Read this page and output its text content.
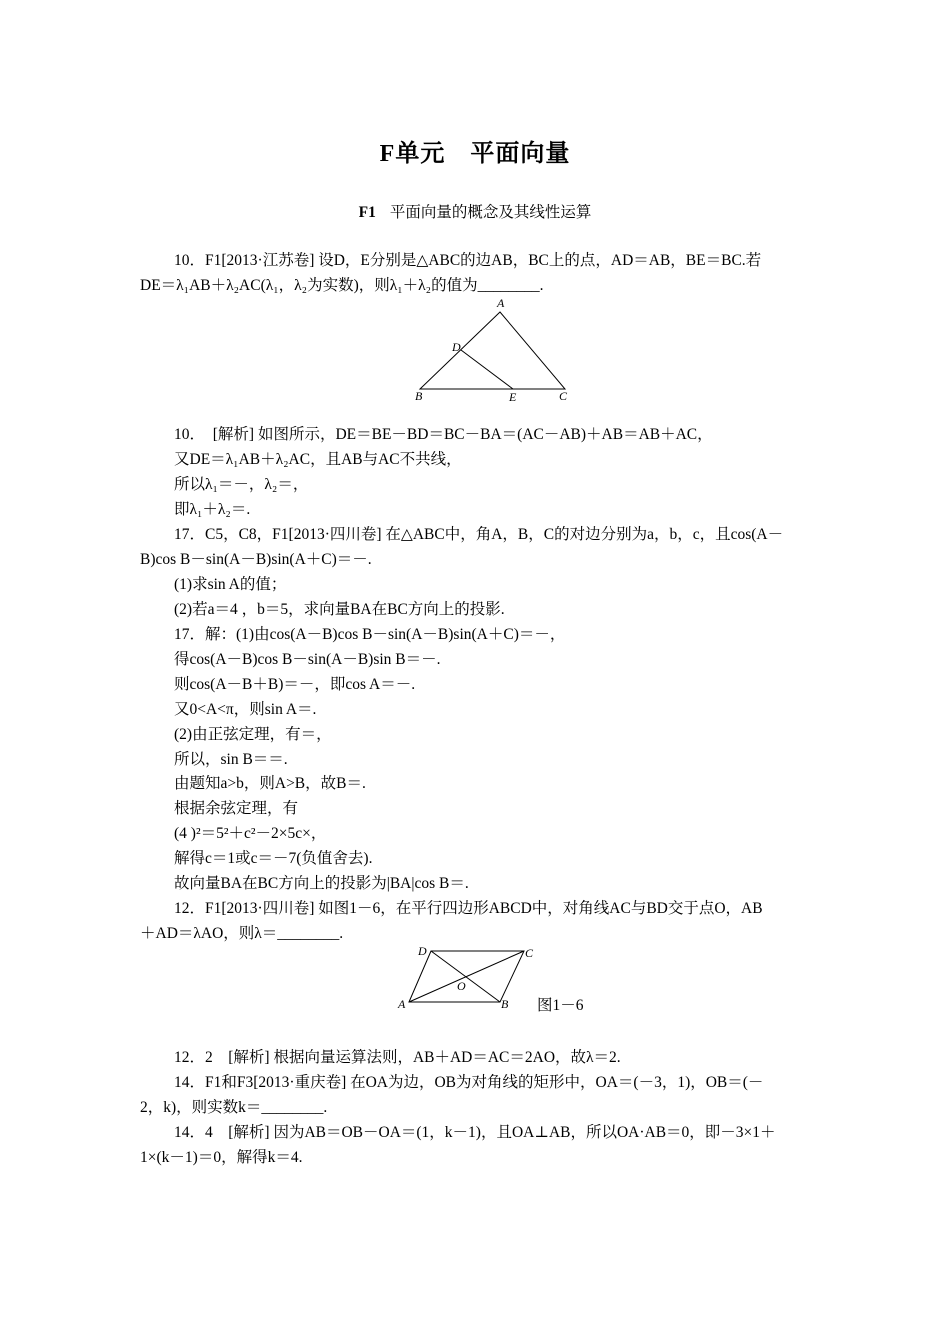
F单元　平面向量
F1 平面向量的概念及其线性运算
10．F1[2013·江苏卷] 设D，E分别是△ABC的边AB，BC上的点，AD＝AB，BE＝BC.若
DE＝λ₁AB＋λ₂AC(λ₁，λ₂为实数)，则λ₁＋λ₂的值为________.
A
D
B	E	C
10．　[解析] 如图所示，DE＝BE－BD＝BC－BA＝(AC－AB)＋AB＝AB＋AC，
又DE＝λ₁AB＋λ₂AC，且AB与AC不共线，
所以λ₁＝－，λ₂＝，
即λ₁＋λ₂＝.
17．C5，C8，F1[2013·四川卷] 在△ABC中，角A，B，C的对边分别为a，b，c，且cos(A－
B)cos B－sin(A－B)sin(A＋C)＝－.
(1)求sin A的值；
(2)若a＝4 ，b＝5，求向量BA在BC方向上的投影.
17．解：(1)由cos(A－B)cos B－sin(A－B)sin(A＋C)＝－，
得cos(A－B)cos B－sin(A－B)sin B＝－.
则cos(A－B＋B)＝－，即cos A＝－.
又0<A<π，则sin A＝.
(2)由正弦定理，有＝，
所以，sin B＝＝.
由题知a>b，则A>B，故B＝.
根据余弦定理，有
(4 )²＝5²＋c²－2×5c×，
解得c＝1或c＝－7(负值舍去).
故向量BA在BC方向上的投影为|BA|cos B＝.
12．F1[2013·四川卷] 如图1－6，在平行四边形ABCD中，对角线AC与BD交于点O，AB
＋AD＝λAO，则λ＝________.
D	C
O
A	B 图1－6
12．2　[解析] 根据向量运算法则，AB＋AD＝AC＝2AO，故λ＝2.
14．F1和F3[2013·重庆卷] 在OA为边，OB为对角线的矩形中，OA＝(－3，1)，OB＝(－
2，k)，则实数k＝________.
14．4　[解析] 因为AB＝OB－OA＝(1，k－1)，且OA⊥AB，所以OA·AB＝0，即－3×1＋
1×(k－1)＝0，解得k＝4.
